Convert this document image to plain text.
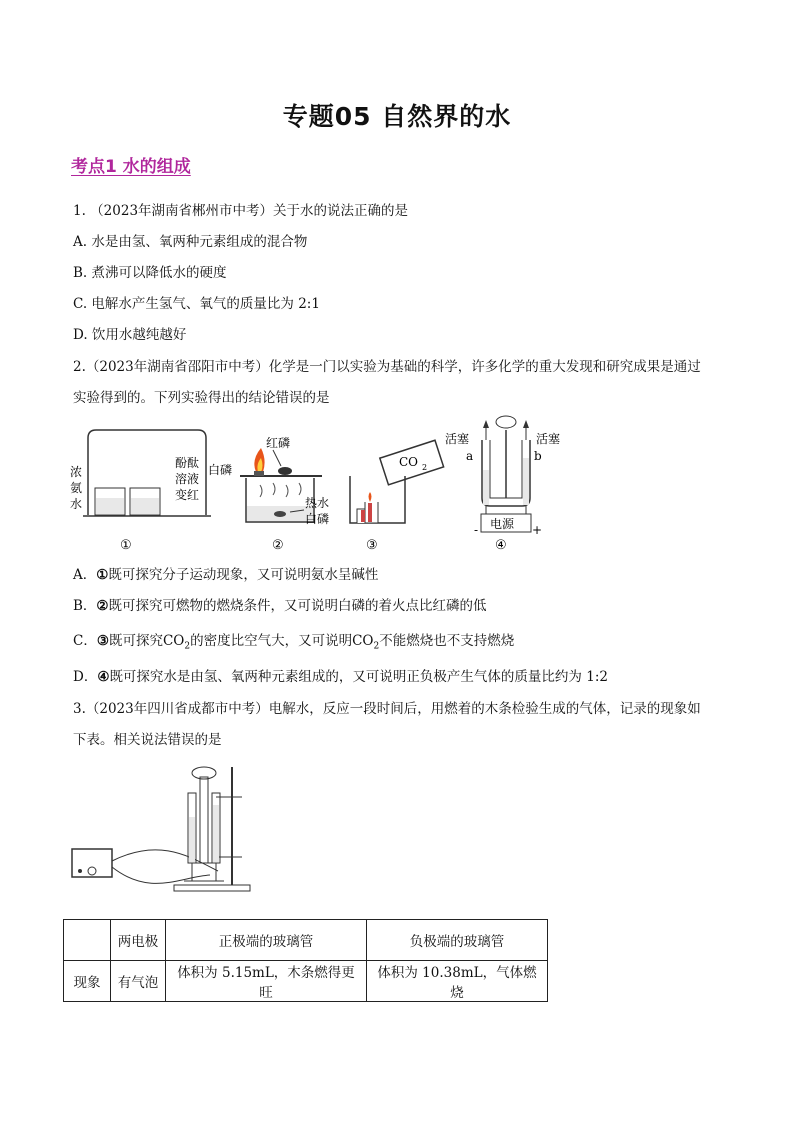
专题05 自然界的水
考点1 水的组成
1. （2023年湖南省郴州市中考）关于水的说法正确的是
A. 水是由氢、氧两种元素组成的混合物
B. 煮沸可以降低水的硬度
C. 电解水产生氢气、氧气的质量比为 2:1
D. 饮用水越纯越好
2.（2023年湖南省邵阳市中考）化学是一门以实验为基础的科学，许多化学的重大发现和研究成果是通过
实验得到的。下列实验得出的结论错误的是
浓
氨
水
酚酞
溶液
变红
①
红磷
白磷
热水
白磷
②
CO 2
③
活塞	活塞
a	b
电源
-	+
④
A．①既可探究分子运动现象，又可说明氨水呈碱性
B．②既可探究可燃物的燃烧条件，又可说明白磷的着火点比红磷的低
C．③既可探究$CO_2$的密度比空气大，又可说明$CO_2$不能燃烧也不支持燃烧
D．④既可探究水是由氢、氧两种元素组成的，又可说明正负极产生气体的质量比约为 1:2
3.（2023年四川省成都市中考）电解水，反应一段时间后，用燃着的木条检验生成的气体，记录的现象如
下表。相关说法错误的是
	两电极	正极端的玻璃管	负极端的玻璃管
现象	有气泡	体积为 5.15mL，木条燃得更旺	体积为 10.38mL，气体燃烧
